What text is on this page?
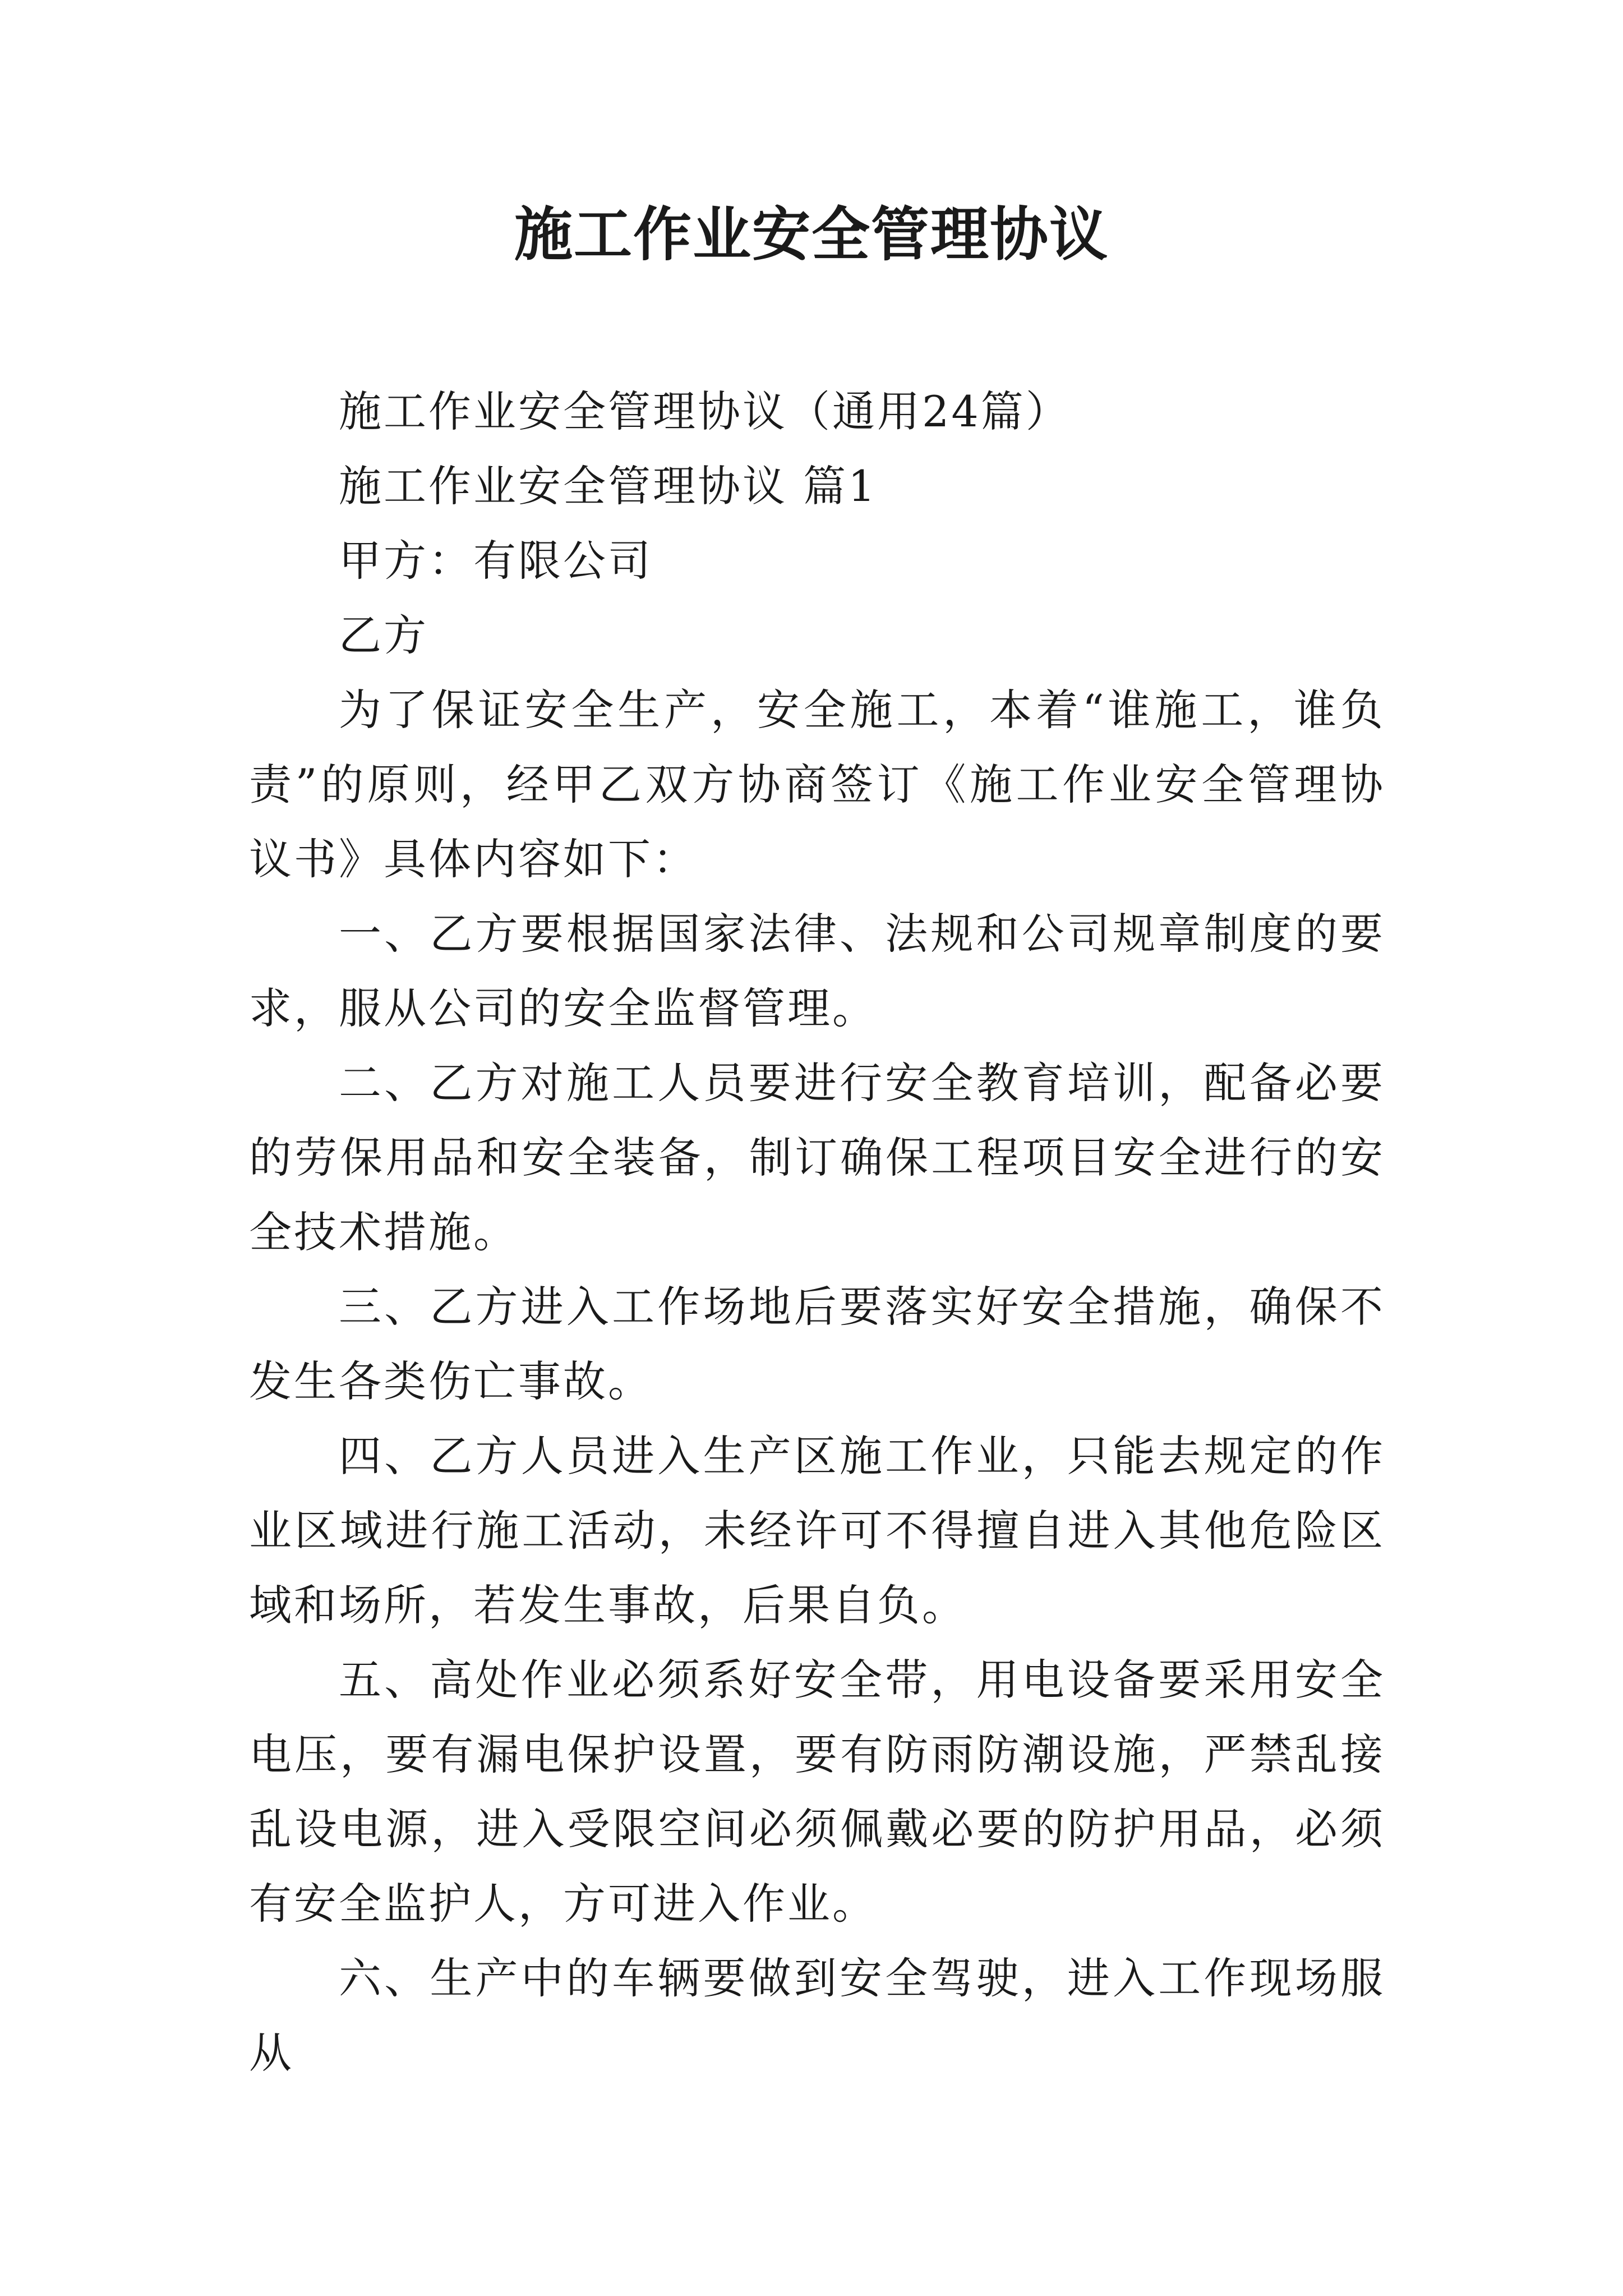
施工作业安全管理协议

施工作业安全管理协议（通用24篇）

施工作业安全管理协议 篇1

甲方：有限公司

乙方

为了保证安全生产，安全施工，本着“谁施工，谁负责”的原则，经甲乙双方协商签订《施工作业安全管理协议书》具体内容如下：

一、乙方要根据国家法律、法规和公司规章制度的要求，服从公司的安全监督管理。

二、乙方对施工人员要进行安全教育培训，配备必要的劳保用品和安全装备，制订确保工程项目安全进行的安全技术措施。

三、乙方进入工作场地后要落实好安全措施，确保不发生各类伤亡事故。

四、乙方人员进入生产区施工作业，只能去规定的作业区域进行施工活动，未经许可不得擅自进入其他危险区域和场所，若发生事故，后果自负。

五、高处作业必须系好安全带，用电设备要采用安全电压，要有漏电保护设置，要有防雨防潮设施，严禁乱接乱设电源，进入受限空间必须佩戴必要的防护用品，必须有安全监护人，方可进入作业。

六、生产中的车辆要做到安全驾驶，进入工作现场服从
